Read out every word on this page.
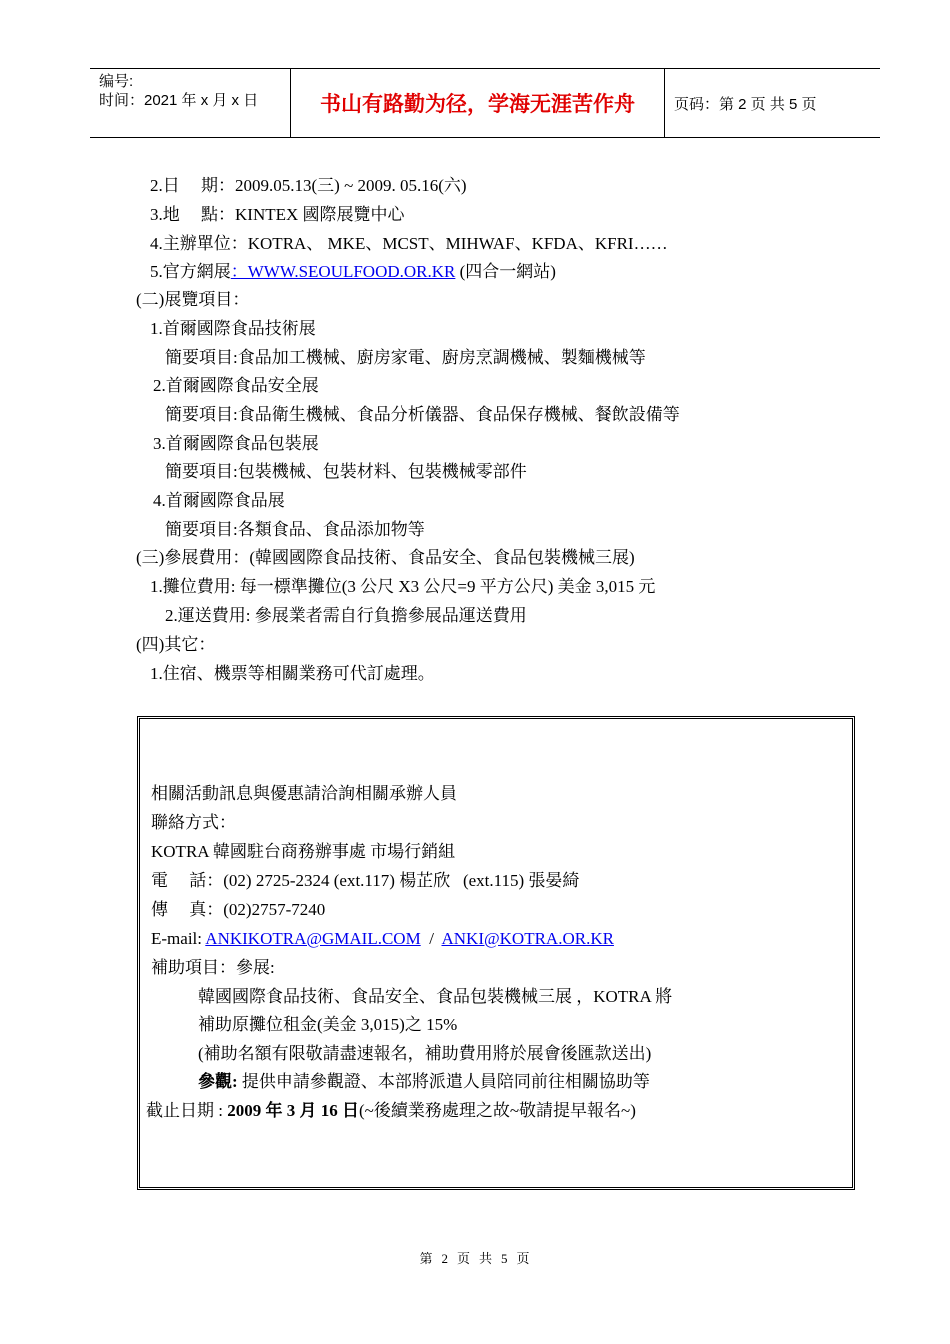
编号:
时间：2021 年 x 月 x 日	书山有路勤为径，学海无涯苦作舟	页码：第 2 页 共 5 页
2.日　 期：2009.05.13(三) ~ 2009. 05.16(六)
3.地　 點：KINTEX 國際展覽中心
4.主辦單位：KOTRA、 MKE、MCST、MIHWAF、KFDA、KFRI……
5.官方網展：WWW.SEOULFOOD.OR.KR (四合一網站)
(二)展覽項目：
1.首爾國際食品技術展
簡要項目:食品加工機械、廚房家電、廚房烹調機械、製麵機械等
2.首爾國際食品安全展
簡要項目:食品衛生機械、食品分析儀器、食品保存機械、餐飲設備等
3.首爾國際食品包裝展
簡要項目:包裝機械、包裝材料、包裝機械零部件
4.首爾國際食品展
簡要項目:各類食品、食品添加物等
(三)參展費用：(韓國國際食品技術、食品安全、食品包裝機械三展)
1.攤位費用: 每一標準攤位(3 公尺 X3 公尺=9 平方公尺) 美金 3,015 元
2.運送費用: 參展業者需自行負擔參展品運送費用
(四)其它：
1.住宿、機票等相關業務可代訂處理。
相關活動訊息與優惠請洽詢相關承辦人員
聯絡方式：
KOTRA 韓國駐台商務辦事處 市場行銷組
電　 話：(02) 2725-2324 (ext.117) 楊芷欣   (ext.115) 張晏綺
傳　 真：(02)2757-7240
E-mail: ANKIKOTRA@GMAIL.COM  /  ANKI@KOTRA.OR.KR
補助項目：參展:
韓國國際食品技術、食品安全、食品包裝機械三展 ，KOTRA 將
補助原攤位租金(美金 3,015)之 15%
(補助名額有限敬請盡速報名，補助費用將於展會後匯款送出)
參觀: 提供申請參觀證、本部將派遣人員陪同前往相關協助等
截止日期 : 2009 年 3 月 16 日(~後續業務處理之故~敬請提早報名~)
第 2 页 共 5 页
